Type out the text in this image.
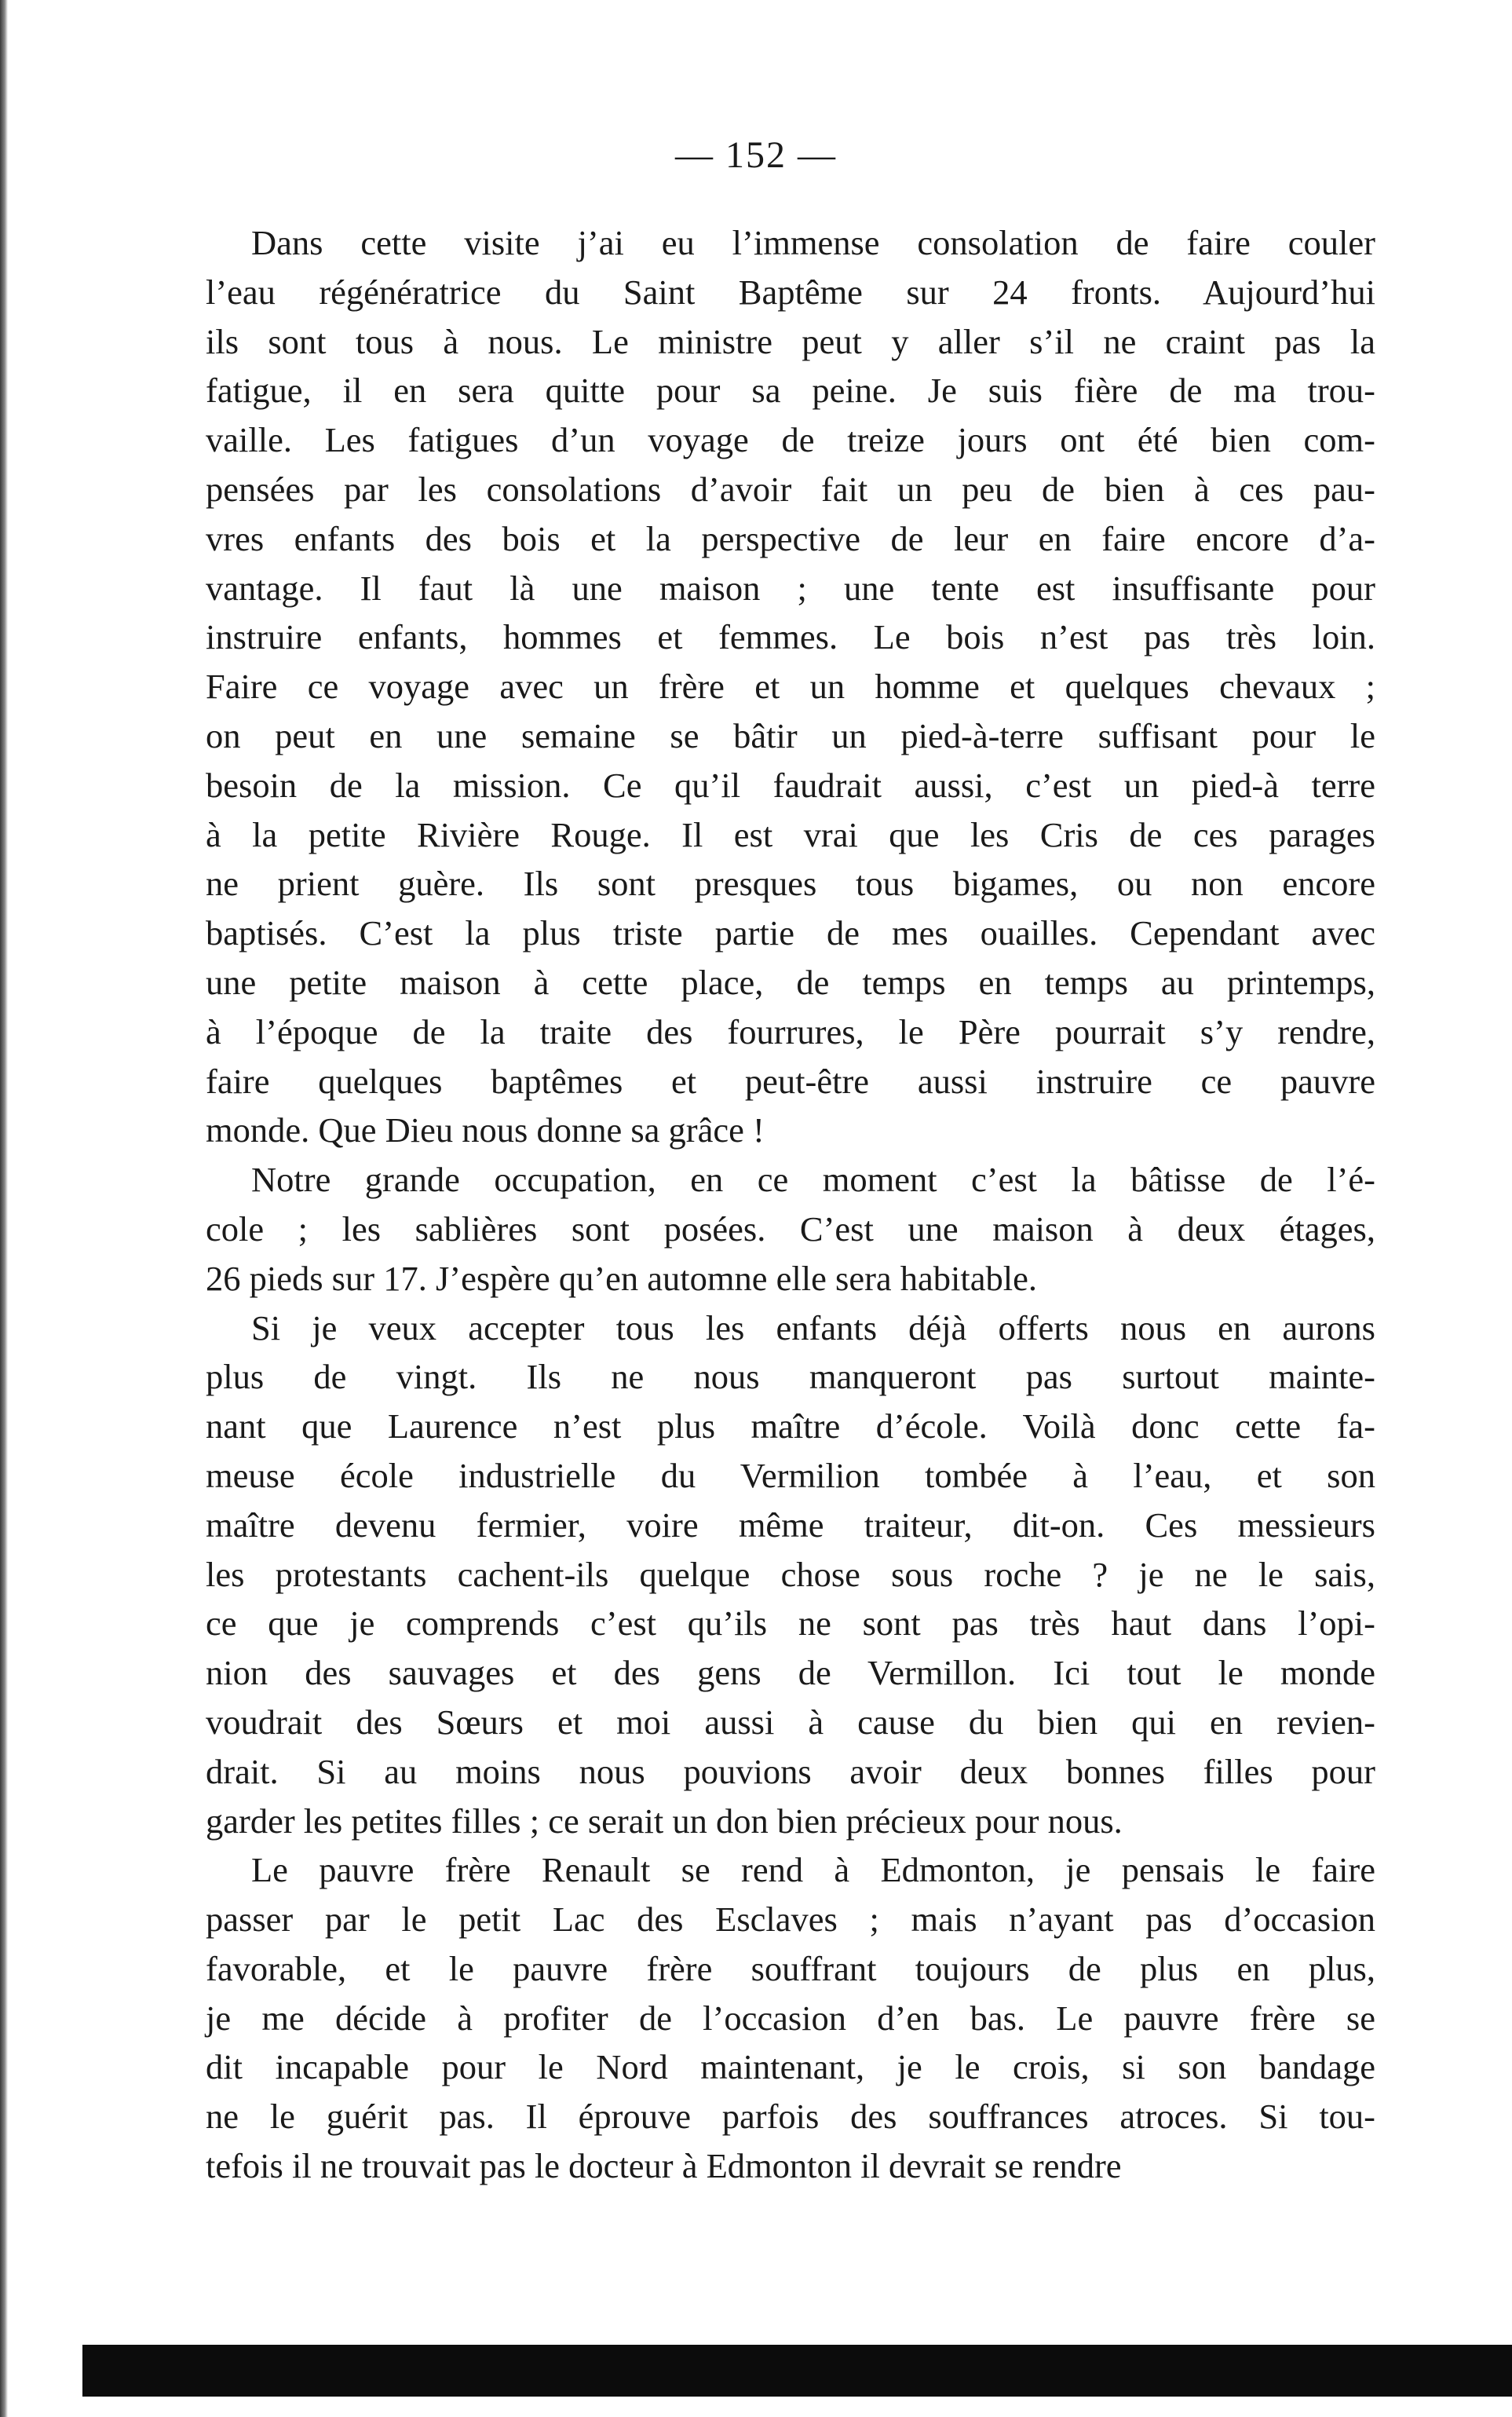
— 152 —
Dans cette visite j’ai eu l’immense consolation de faire couler
l’eau régénératrice du Saint Baptême sur 24 fronts. Aujourd’hui
ils sont tous à nous. Le ministre peut y aller s’il ne craint pas la
fatigue, il en sera quitte pour sa peine. Je suis fière de ma trou-
vaille. Les fatigues d’un voyage de treize jours ont été bien com-
pensées par les consolations d’avoir fait un peu de bien à ces pau-
vres enfants des bois et la perspective de leur en faire encore d’a-
vantage. Il faut là une maison ; une tente est insuffisante pour
instruire enfants, hommes et femmes. Le bois n’est pas très loin.
Faire ce voyage avec un frère et un homme et quelques chevaux ;
on peut en une semaine se bâtir un pied-à-terre suffisant pour le
besoin de la mission. Ce qu’il faudrait aussi, c’est un pied-à terre
à la petite Rivière Rouge. Il est vrai que les Cris de ces parages
ne prient guère. Ils sont presques tous bigames, ou non encore
baptisés. C’est la plus triste partie de mes ouailles. Cependant avec
une petite maison à cette place, de temps en temps au printemps,
à l’époque de la traite des fourrures, le Père pourrait s’y rendre,
faire quelques baptêmes et peut-être aussi instruire ce pauvre
monde. Que Dieu nous donne sa grâce !
Notre grande occupation, en ce moment c’est la bâtisse de l’é-
cole ; les sablières sont posées. C’est une maison à deux étages,
26 pieds sur 17. J’espère qu’en automne elle sera habitable.
Si je veux accepter tous les enfants déjà offerts nous en aurons
plus de vingt. Ils ne nous manqueront pas surtout mainte-
nant que Laurence n’est plus maître d’école. Voilà donc cette fa-
meuse école industrielle du Vermilion tombée à l’eau, et son
maître devenu fermier, voire même traiteur, dit-on. Ces messieurs
les protestants cachent-ils quelque chose sous roche ? je ne le sais,
ce que je comprends c’est qu’ils ne sont pas très haut dans l’opi-
nion des sauvages et des gens de Vermillon. Ici tout le monde
voudrait des Sœurs et moi aussi à cause du bien qui en revien-
drait. Si au moins nous pouvions avoir deux bonnes filles pour
garder les petites filles ; ce serait un don bien précieux pour nous.
Le pauvre frère Renault se rend à Edmonton, je pensais le faire
passer par le petit Lac des Esclaves ; mais n’ayant pas d’occasion
favorable, et le pauvre frère souffrant toujours de plus en plus,
je me décide à profiter de l’occasion d’en bas. Le pauvre frère se
dit incapable pour le Nord maintenant, je le crois, si son bandage
ne le guérit pas. Il éprouve parfois des souffrances atroces. Si tou-
tefois il ne trouvait pas le docteur à Edmonton il devrait se rendre
